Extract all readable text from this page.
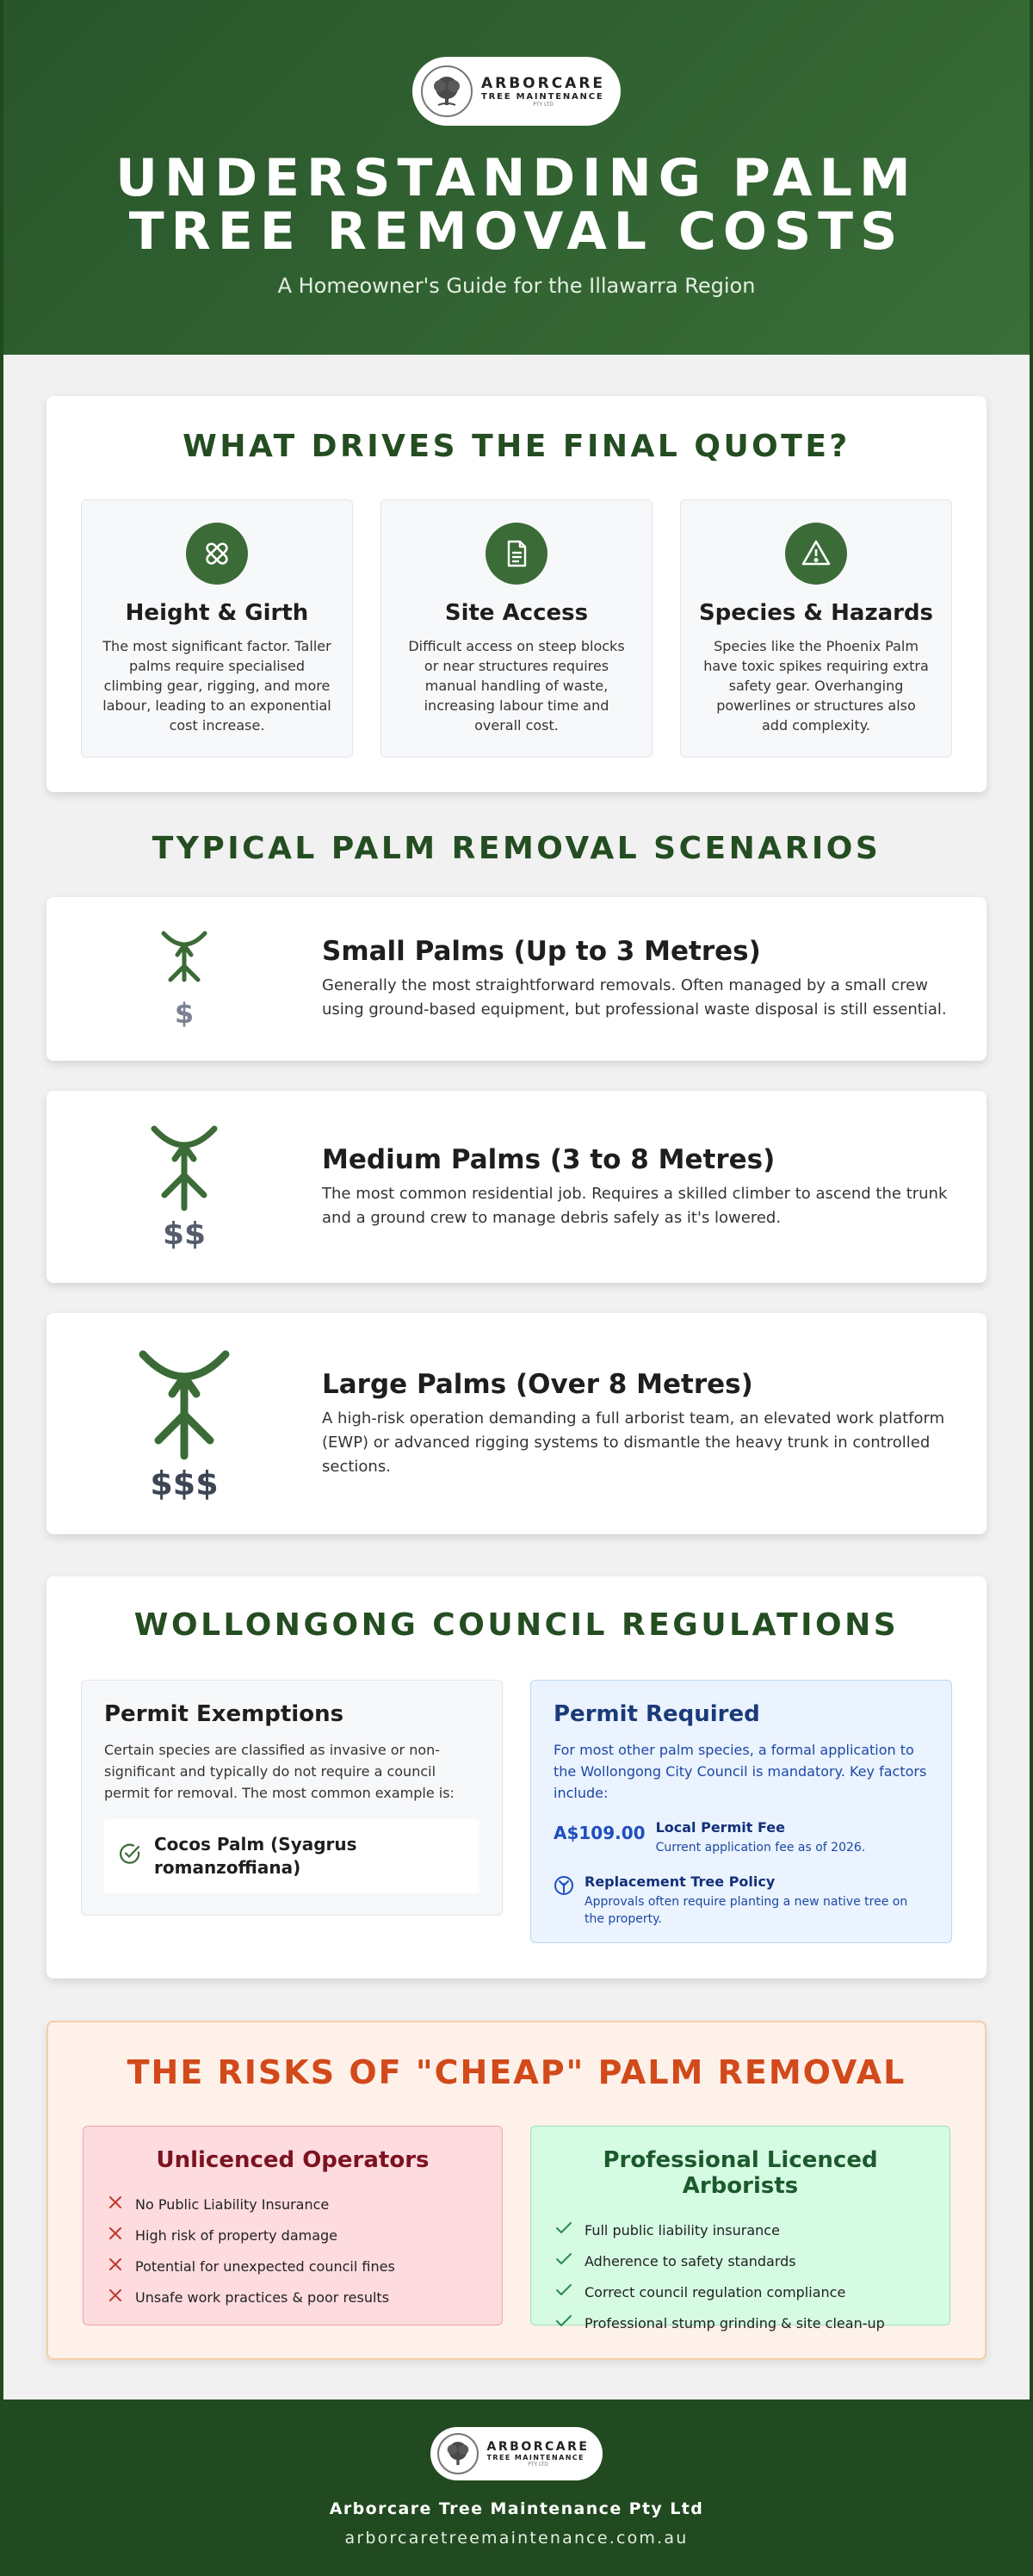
ARBORCARE
TREE MAINTENANCE
PTY LTD
UNDERSTANDING PALM
TREE REMOVAL COSTS
A Homeowner's Guide for the Illawarra Region
WHAT DRIVES THE FINAL QUOTE?
Height & Girth

The most significant factor. Taller palms require specialised climbing gear, rigging, and more labour, leading to an exponential cost increase.

Site Access

Difficult access on steep blocks or near structures requires manual handling of waste, increasing labour time and overall cost.

Species & Hazards

Species like the Phoenix Palm have toxic spikes requiring extra safety gear. Overhanging powerlines or structures also add complexity.

TYPICAL PALM REMOVAL SCENARIOS
$
Small Palms (Up to 3 Metres)

Generally the most straightforward removals. Often managed by a small crew using ground-based equipment, but professional waste disposal is still essential.

$$
Medium Palms (3 to 8 Metres)

The most common residential job. Requires a skilled climber to ascend the trunk and a ground crew to manage debris safely as it's lowered.

$$$
Large Palms (Over 8 Metres)

A high-risk operation demanding a full arborist team, an elevated work platform (EWP) or advanced rigging systems to dismantle the heavy trunk in controlled sections.

WOLLONGONG COUNCIL REGULATIONS
Permit Exemptions

Certain species are classified as invasive or non-significant and typically do not require a council permit for removal. The most common example is:

Cocos Palm (Syagrus romanzoffiana)
Permit Required

For most other palm species, a formal application to the Wollongong City Council is mandatory. Key factors include:

A$109.00 Local Permit Fee
Current application fee as of 2026.
Replacement Tree Policy
Approvals often require planting a new native tree on the property.
THE RISKS OF "CHEAP" PALM REMOVAL
Unlicenced Operators
No Public Liability Insurance
High risk of property damage
Potential for unexpected council fines
Unsafe work practices & poor results
Professional Licenced Arborists
Full public liability insurance
Adherence to safety standards
Correct council regulation compliance
Professional stump grinding & site clean-up
ARBORCARE
TREE MAINTENANCE
PTY LTD
Arborcare Tree Maintenance Pty Ltd
arborcaretreemaintenance.com.au
